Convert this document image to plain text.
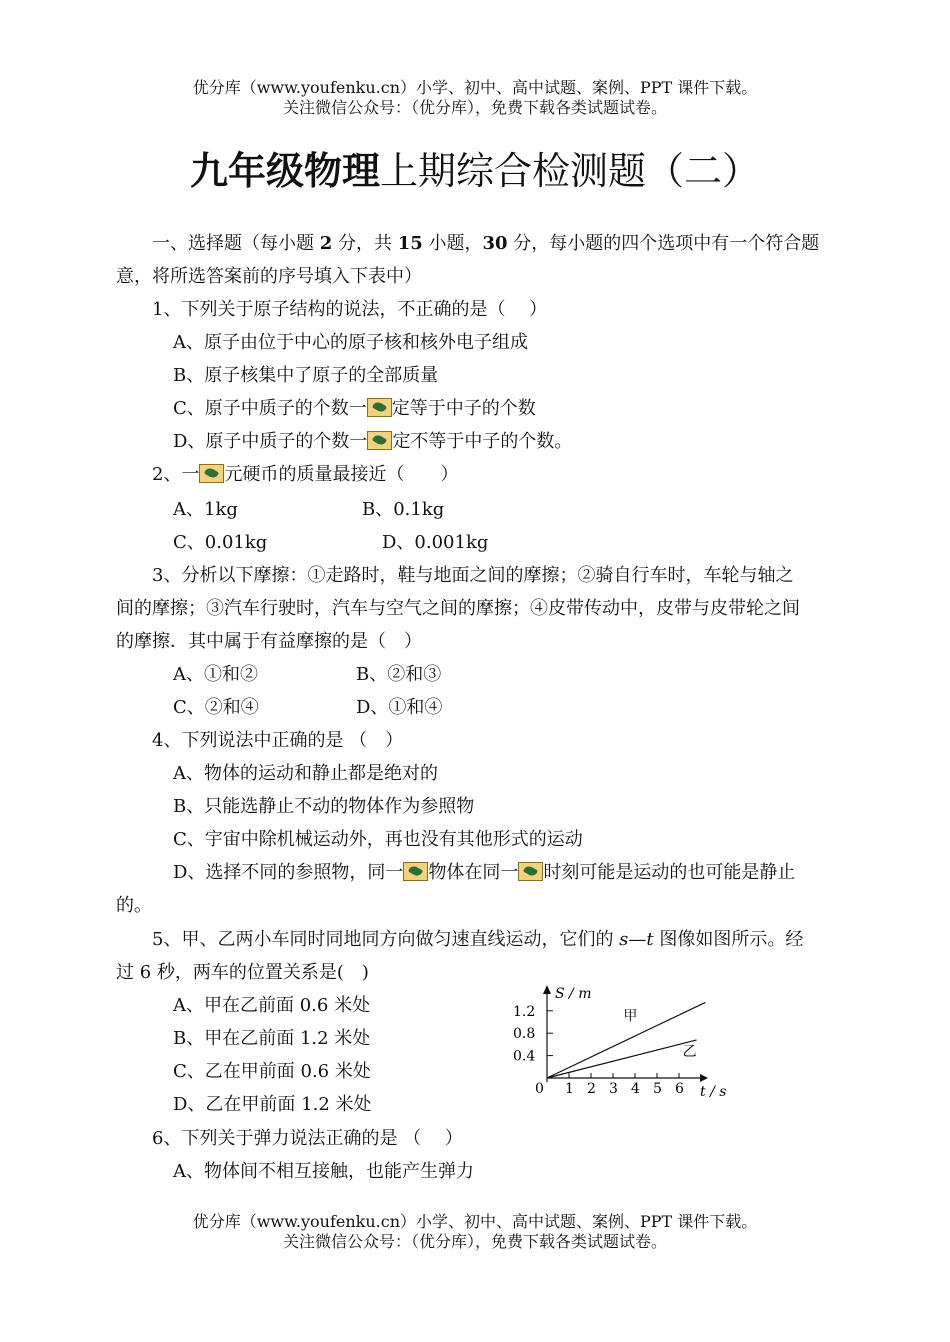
优分库（www.youfenku.cn）小学、初中、高中试题、案例、PPT 课件下载。
关注微信公众号：（优分库），免费下载各类试题试卷。
九年级物理上期综合检测题（二）
一、选择题（每小题 2 分，共 15 小题，30 分，每小题的四个选项中有一个符合题
意，将所选答案前的序号填入下表中）
1、下列关于原子结构的说法，不正确的是（　 ）
A、原子由位于中心的原子核和核外电子组成
B、原子核集中了原子的全部质量
C、原子中质子的个数一 定等于中子的个数
D、原子中质子的个数一 定不等于中子的个数。
2、一 元硬币的质量最接近（　　）
A、1kg	B、0.1kg
C、0.01kg	D、0.001kg
3、分析以下摩擦：①走路时，鞋与地面之间的摩擦；②骑自行车时，车轮与轴之
间的摩擦；③汽车行驶时，汽车与空气之间的摩擦；④皮带传动中，皮带与皮带轮之间
的摩擦．其中属于有益摩擦的是（　）
A、①和②	B、②和③
C、②和④	D、①和④
4、下列说法中正确的是 （　）
A、物体的运动和静止都是绝对的
B、只能选静止不动的物体作为参照物
C、宇宙中除机械运动外，再也没有其他形式的运动
D、选择不同的参照物，同一 物体在同一 时刻可能是运动的也可能是静止
的。
5、甲、乙两小车同时同地同方向做匀速直线运动，它们的 s—t 图像如图所示。经
过 6 秒，两车的位置关系是(　)
A、甲在乙前面 0.6 米处
B、甲在乙前面 1.2 米处
C、乙在甲前面 0.6 米处
D、乙在甲前面 1.2 米处
S / m
t / s
0 1 2 3 4 5 6
0.4
0.8
1.2	甲
乙
6、下列关于弹力说法正确的是 （　 ）
A、物体间不相互接触，也能产生弹力
优分库（www.youfenku.cn）小学、初中、高中试题、案例、PPT 课件下载。
关注微信公众号：（优分库），免费下载各类试题试卷。
